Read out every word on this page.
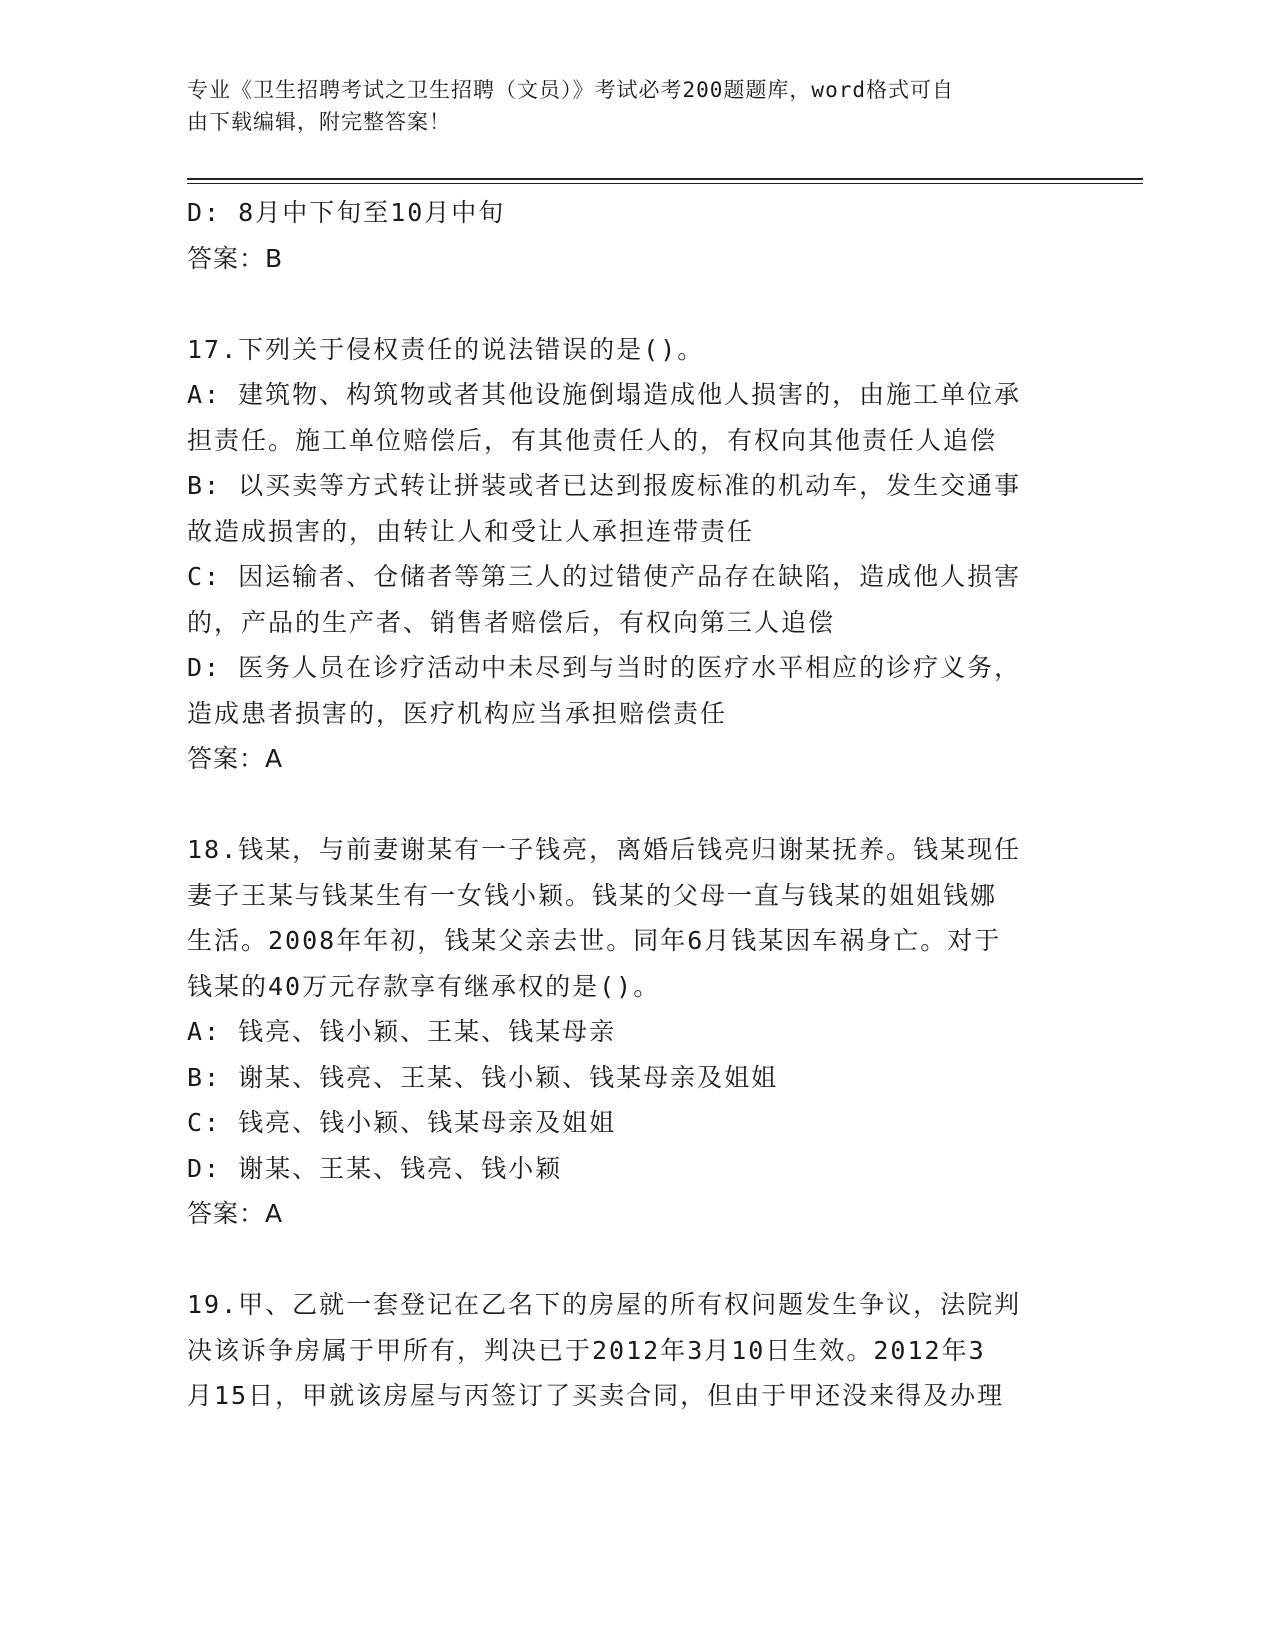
专业《卫生招聘考试之卫生招聘（文员）》考试必考200题题库，word格式可自
由下载编辑，附完整答案！
D: 8月中下旬至10月中旬
答案：B
17.下列关于侵权责任的说法错误的是()。
A: 建筑物、构筑物或者其他设施倒塌造成他人损害的，由施工单位承
担责任。施工单位赔偿后，有其他责任人的，有权向其他责任人追偿
B: 以买卖等方式转让拼装或者已达到报废标准的机动车，发生交通事
故造成损害的，由转让人和受让人承担连带责任
C: 因运输者、仓储者等第三人的过错使产品存在缺陷，造成他人损害
的，产品的生产者、销售者赔偿后，有权向第三人追偿
D: 医务人员在诊疗活动中未尽到与当时的医疗水平相应的诊疗义务，
造成患者损害的，医疗机构应当承担赔偿责任
答案：A
18.钱某，与前妻谢某有一子钱亮，离婚后钱亮归谢某抚养。钱某现任
妻子王某与钱某生有一女钱小颖。钱某的父母一直与钱某的姐姐钱娜
生活。2008年年初，钱某父亲去世。同年6月钱某因车祸身亡。对于
钱某的40万元存款享有继承权的是()。
A: 钱亮、钱小颖、王某、钱某母亲
B: 谢某、钱亮、王某、钱小颖、钱某母亲及姐姐
C: 钱亮、钱小颖、钱某母亲及姐姐
D: 谢某、王某、钱亮、钱小颖
答案：A
19.甲、乙就一套登记在乙名下的房屋的所有权问题发生争议，法院判
决该诉争房属于甲所有，判决已于2012年3月10日生效。2012年3
月15日，甲就该房屋与丙签订了买卖合同，但由于甲还没来得及办理
